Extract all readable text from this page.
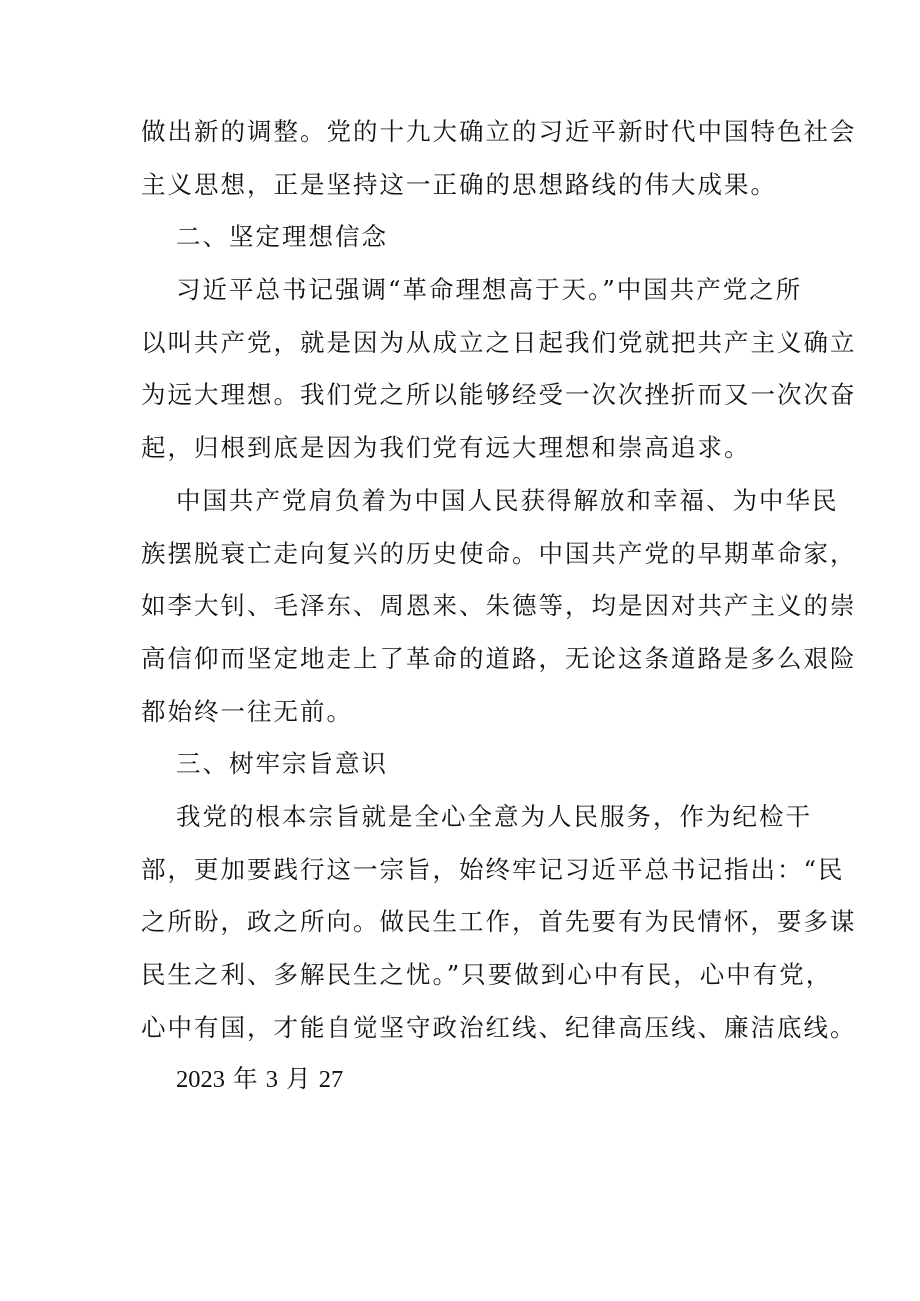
做出新的调整。党的十九大确立的习近平新时代中国特色社会
主义思想，正是坚持这一正确的思想路线的伟大成果。
二、坚定理想信念
习近平总书记强调“革命理想高于天。”中国共产党之所
以叫共产党，就是因为从成立之日起我们党就把共产主义确立
为远大理想。我们党之所以能够经受一次次挫折而又一次次奋
起，归根到底是因为我们党有远大理想和崇高追求。
中国共产党肩负着为中国人民获得解放和幸福、为中华民
族摆脱衰亡走向复兴的历史使命。中国共产党的早期革命家，
如李大钊、毛泽东、周恩来、朱德等，均是因对共产主义的崇
高信仰而坚定地走上了革命的道路，无论这条道路是多么艰险
都始终一往无前。
三、树牢宗旨意识
我党的根本宗旨就是全心全意为人民服务，作为纪检干
部，更加要践行这一宗旨，始终牢记习近平总书记指出：“民
之所盼，政之所向。做民生工作，首先要有为民情怀，要多谋
民生之利、多解民生之忧。”只要做到心中有民，心中有党，
心中有国，才能自觉坚守政治红线、纪律高压线、廉洁底线。
2023 年 3 月 27
